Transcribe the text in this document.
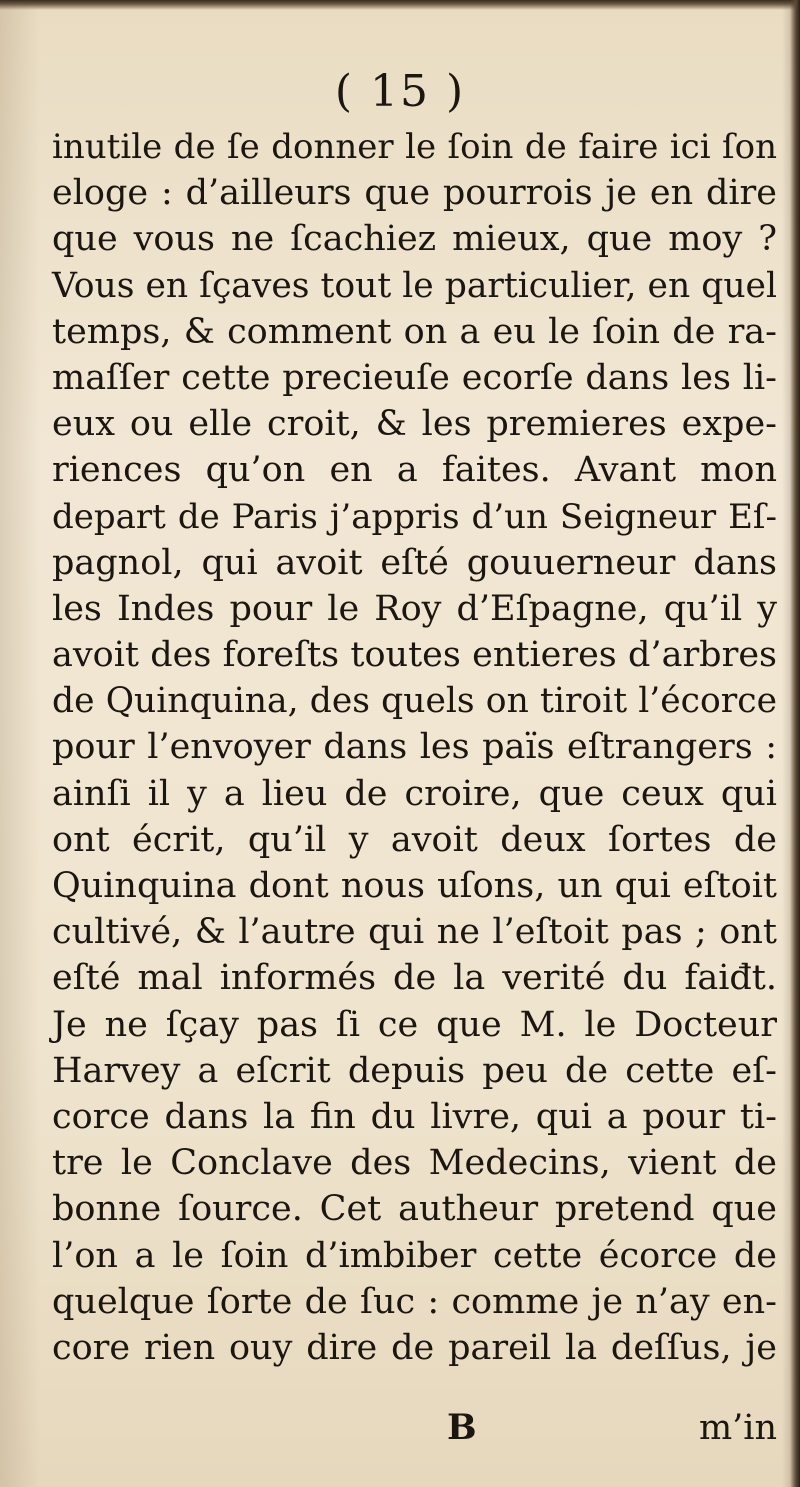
( 15 )
inutile de ſe donner le ſoin de faire ici ſon
eloge : d’ailleurs que pourrois je en dire
que vous ne ſcachiez mieux, que moy ?
Vous en ſçaves tout le particulier, en quel
temps, & comment on a eu le ſoin de ra-
maſſer cette precieuſe ecorſe dans les li-
eux ou elle croit, & les premieres expe-
riences qu’on en a faites. Avant mon
depart de Paris j’appris d’un Seigneur Eſ-
pagnol, qui avoit eſté gouuerneur dans
les Indes pour le Roy d’Eſpagne, qu’il y
avoit des foreſts toutes entieres d’arbres
de Quinquina, des quels on tiroit l’écorce
pour l’envoyer dans les païs eſtrangers :
ainſi il y a lieu de croire, que ceux qui
ont écrit, qu’il y avoit deux ſortes de
Quinquina dont nous uſons, un qui eſtoit
cultivé, & l’autre qui ne l’eſtoit pas ; ont
eſté mal informés de la verité du faiđt.
Je ne ſçay pas ſi ce que M. le Docteur
Harvey a eſcrit depuis peu de cette eſ-
corce dans la fin du livre, qui a pour ti-
tre le Conclave des Medecins, vient de
bonne ſource. Cet autheur pretend que
l’on a le ſoin d’imbiber cette écorce de
quelque ſorte de ſuc : comme je n’ay en-
core rien ouy dire de pareil la deſſus, je
B	m’in
